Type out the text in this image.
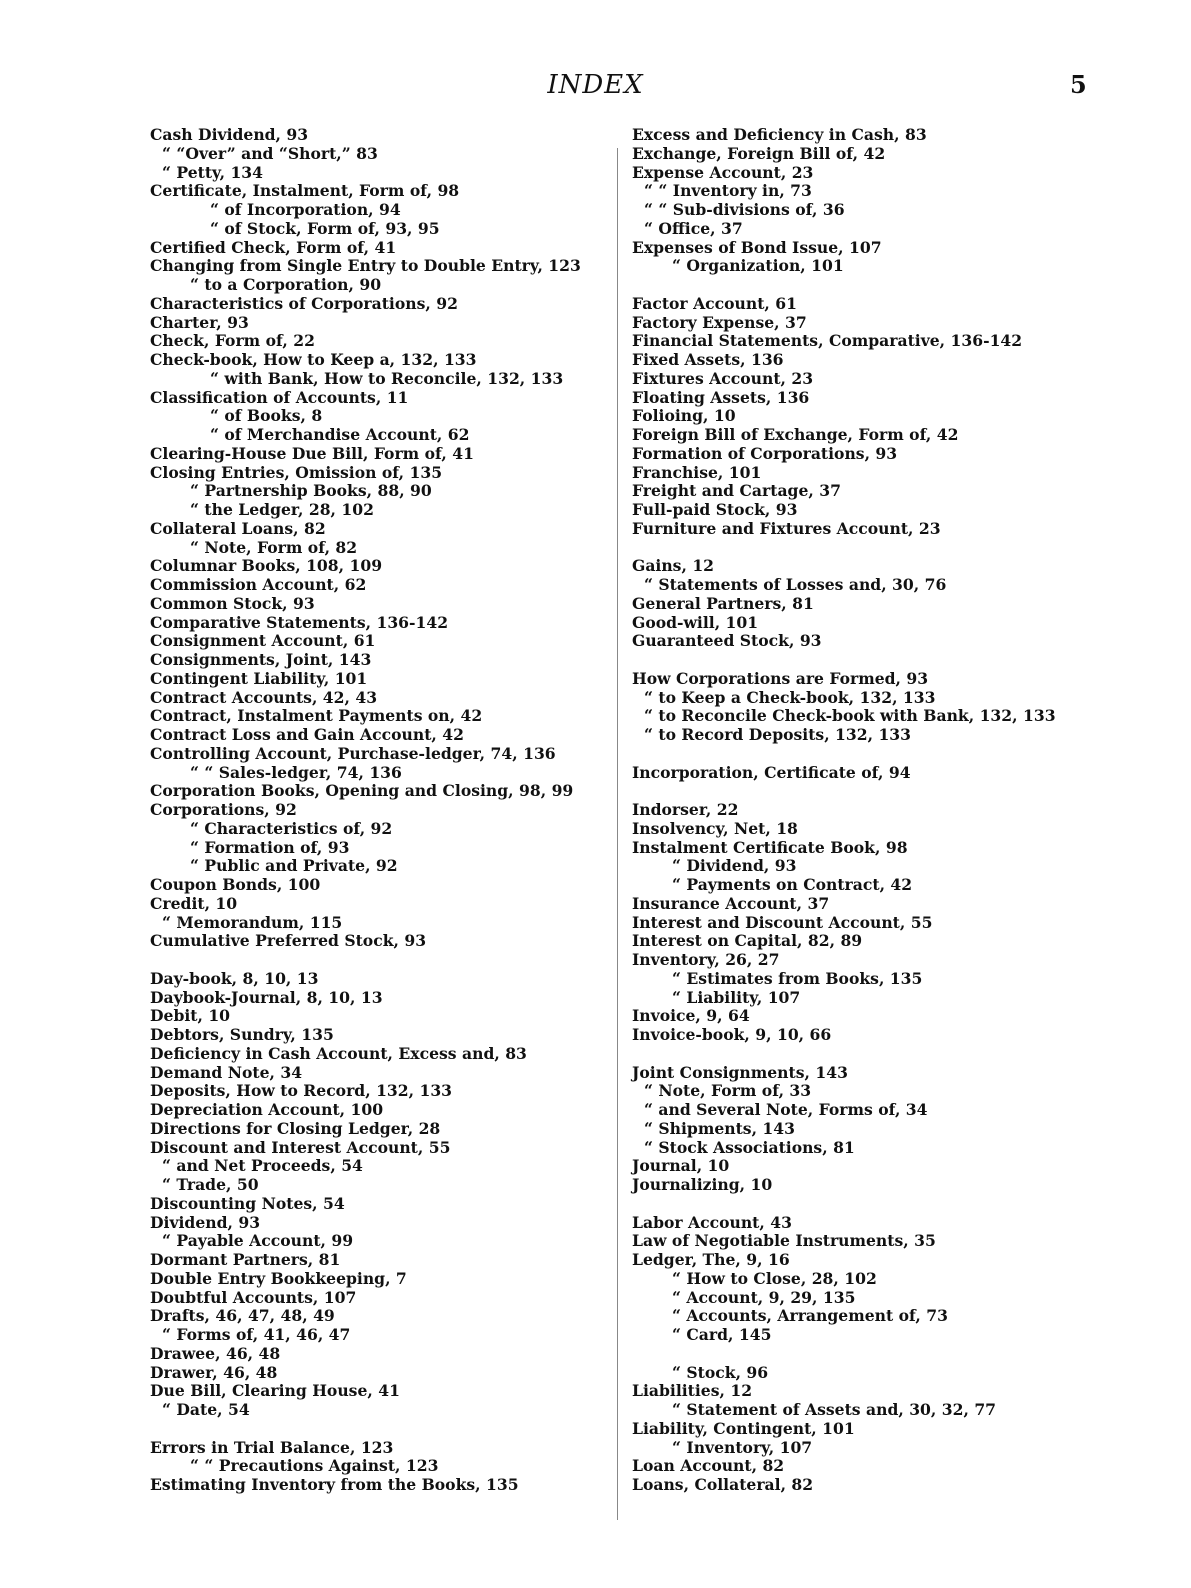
INDEX	5
Cash Dividend, 93
“ “Over” and “Short,” 83
“ Petty, 134
Certificate, Instalment, Form of, 98
“ of Incorporation, 94
“ of Stock, Form of, 93, 95
Certified Check, Form of, 41
Changing from Single Entry to Double Entry, 123
“ to a Corporation, 90
Characteristics of Corporations, 92
Charter, 93
Check, Form of, 22
Check-book, How to Keep a, 132, 133
“ with Bank, How to Reconcile, 132, 133
Classification of Accounts, 11
“ of Books, 8
“ of Merchandise Account, 62
Clearing-House Due Bill, Form of, 41
Closing Entries, Omission of, 135
“ Partnership Books, 88, 90
“ the Ledger, 28, 102
Collateral Loans, 82
“ Note, Form of, 82
Columnar Books, 108, 109
Commission Account, 62
Common Stock, 93
Comparative Statements, 136-142
Consignment Account, 61
Consignments, Joint, 143
Contingent Liability, 101
Contract Accounts, 42, 43
Contract, Instalment Payments on, 42
Contract Loss and Gain Account, 42
Controlling Account, Purchase-ledger, 74, 136
“ “ Sales-ledger, 74, 136
Corporation Books, Opening and Closing, 98, 99
Corporations, 92
“ Characteristics of, 92
“ Formation of, 93
“ Public and Private, 92
Coupon Bonds, 100
Credit, 10
“ Memorandum, 115
Cumulative Preferred Stock, 93
Day-book, 8, 10, 13
Daybook-Journal, 8, 10, 13
Debit, 10
Debtors, Sundry, 135
Deficiency in Cash Account, Excess and, 83
Demand Note, 34
Deposits, How to Record, 132, 133
Depreciation Account, 100
Directions for Closing Ledger, 28
Discount and Interest Account, 55
“ and Net Proceeds, 54
“ Trade, 50
Discounting Notes, 54
Dividend, 93
“ Payable Account, 99
Dormant Partners, 81
Double Entry Bookkeeping, 7
Doubtful Accounts, 107
Drafts, 46, 47, 48, 49
“ Forms of, 41, 46, 47
Drawee, 46, 48
Drawer, 46, 48
Due Bill, Clearing House, 41
“ Date, 54
Errors in Trial Balance, 123
“ “ Precautions Against, 123
Estimating Inventory from the Books, 135
Excess and Deficiency in Cash, 83
Exchange, Foreign Bill of, 42
Expense Account, 23
“ “ Inventory in, 73
“ “ Sub-divisions of, 36
“ Office, 37
Expenses of Bond Issue, 107
“ Organization, 101
Factor Account, 61
Factory Expense, 37
Financial Statements, Comparative, 136-142
Fixed Assets, 136
Fixtures Account, 23
Floating Assets, 136
Folioing, 10
Foreign Bill of Exchange, Form of, 42
Formation of Corporations, 93
Franchise, 101
Freight and Cartage, 37
Full-paid Stock, 93
Furniture and Fixtures Account, 23
Gains, 12
“ Statements of Losses and, 30, 76
General Partners, 81
Good-will, 101
Guaranteed Stock, 93
How Corporations are Formed, 93
“ to Keep a Check-book, 132, 133
“ to Reconcile Check-book with Bank, 132, 133
“ to Record Deposits, 132, 133
Incorporation, Certificate of, 94
Indorser, 22
Insolvency, Net, 18
Instalment Certificate Book, 98
“ Dividend, 93
“ Payments on Contract, 42
Insurance Account, 37
Interest and Discount Account, 55
Interest on Capital, 82, 89
Inventory, 26, 27
“ Estimates from Books, 135
“ Liability, 107
Invoice, 9, 64
Invoice-book, 9, 10, 66
Joint Consignments, 143
“ Note, Form of, 33
“ and Several Note, Forms of, 34
“ Shipments, 143
“ Stock Associations, 81
Journal, 10
Journalizing, 10
Labor Account, 43
Law of Negotiable Instruments, 35
Ledger, The, 9, 16
“ How to Close, 28, 102
“ Account, 9, 29, 135
“ Accounts, Arrangement of, 73
“ Card, 145
“ Stock, 96
Liabilities, 12
“ Statement of Assets and, 30, 32, 77
Liability, Contingent, 101
“ Inventory, 107
Loan Account, 82
Loans, Collateral, 82
